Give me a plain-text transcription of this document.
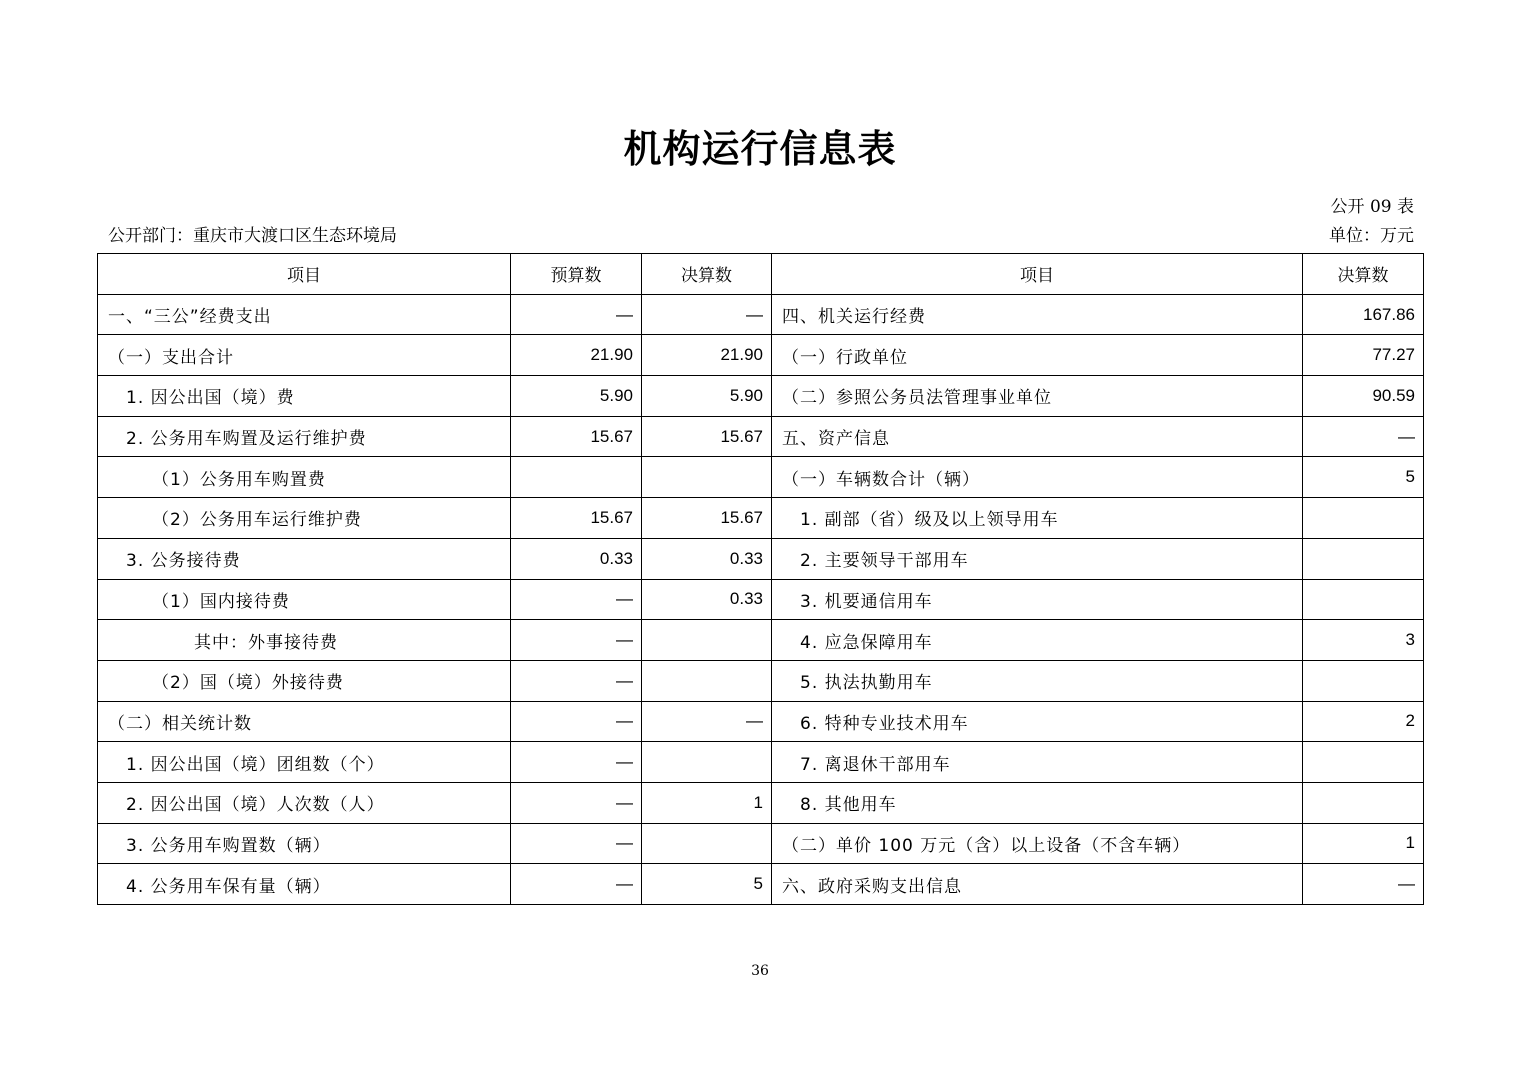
机构运行信息表
公开 09 表
公开部门：重庆市大渡口区生态环境局	单位：万元
项目	预算数	决算数	项目	决算数
一、“三公”经费支出	—	—	四、机关运行经费	167.86
（一）支出合计	21.90	21.90	（一）行政单位	77.27
1. 因公出国（境）费	5.90	5.90	（二）参照公务员法管理事业单位	90.59
2. 公务用车购置及运行维护费	15.67	15.67	五、资产信息	—
（1）公务用车购置费			（一）车辆数合计（辆）	5
（2）公务用车运行维护费	15.67	15.67	1. 副部（省）级及以上领导用车	
3. 公务接待费	0.33	0.33	2. 主要领导干部用车	
（1）国内接待费	—	0.33	3. 机要通信用车	
其中：外事接待费	—		4. 应急保障用车	3
（2）国（境）外接待费	—		5. 执法执勤用车	
（二）相关统计数	—	—	6. 特种专业技术用车	2
1. 因公出国（境）团组数（个）	—		7. 离退休干部用车	
2. 因公出国（境）人次数（人）	—	1	8. 其他用车	
3. 公务用车购置数（辆）	—		（二）单价 100 万元（含）以上设备（不含车辆）	1
4. 公务用车保有量（辆）	—	5	六、政府采购支出信息	—
36
